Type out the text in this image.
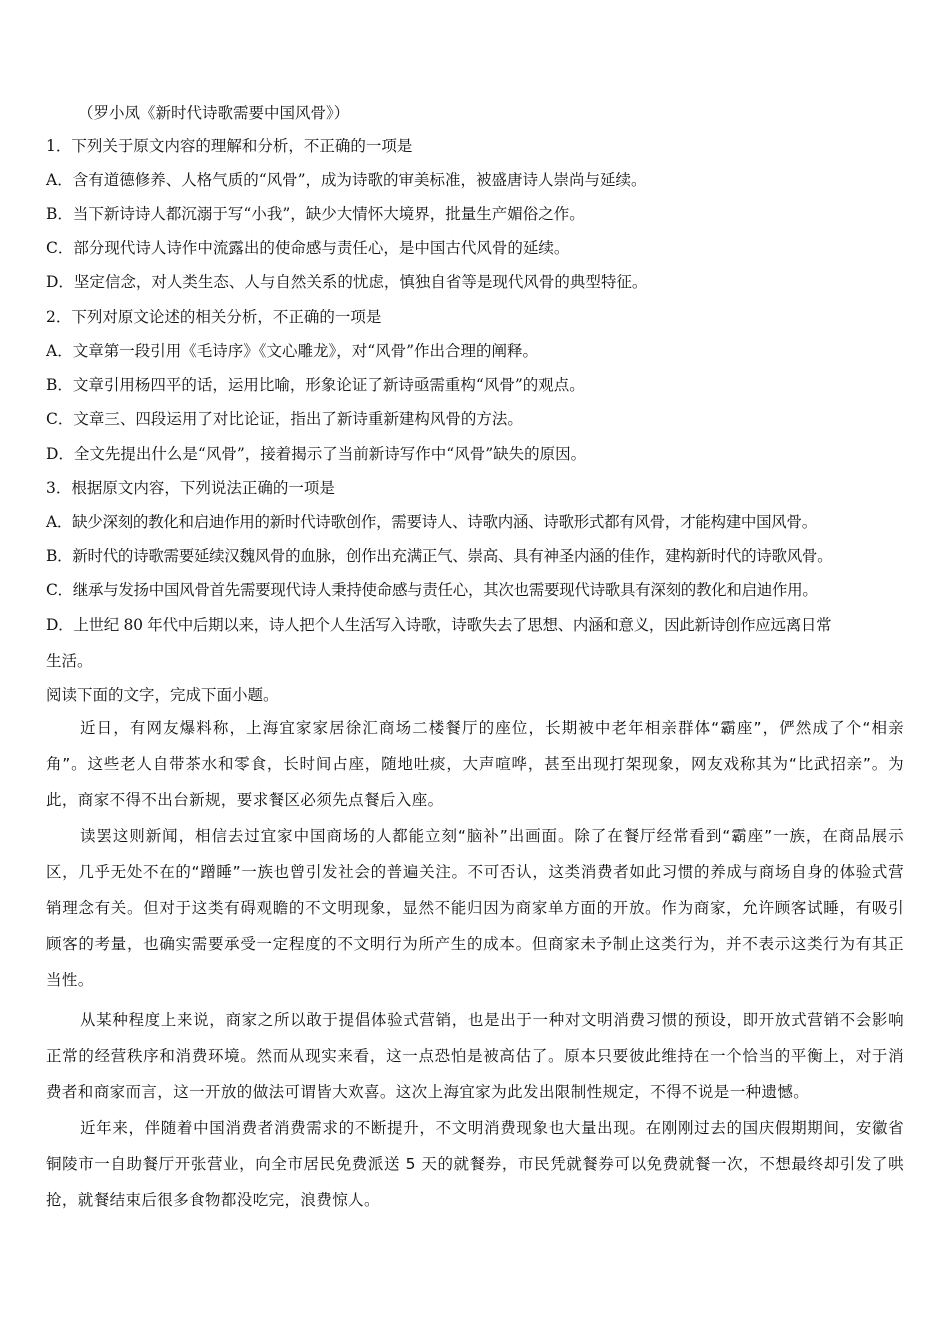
（罗小凤《新时代诗歌需要中国风骨》）
1．下列关于原文内容的理解和分析，不正确的一项是
A．含有道德修养、人格气质的“风骨”，成为诗歌的审美标准，被盛唐诗人崇尚与延续。
B．当下新诗诗人都沉溺于写“小我”，缺少大情怀大境界，批量生产媚俗之作。
C．部分现代诗人诗作中流露出的使命感与责任心，是中国古代风骨的延续。
D．坚定信念，对人类生态、人与自然关系的忧虑，慎独自省等是现代风骨的典型特征。
2．下列对原文论述的相关分析，不正确的一项是
A．文章第一段引用《毛诗序》《文心雕龙》，对“风骨”作出合理的阐释。
B．文章引用杨四平的话，运用比喻，形象论证了新诗亟需重构“风骨”的观点。
C．文章三、四段运用了对比论证，指出了新诗重新建构风骨的方法。
D．全文先提出什么是“风骨”，接着揭示了当前新诗写作中“风骨”缺失的原因。
3．根据原文内容，下列说法正确的一项是
A．缺少深刻的教化和启迪作用的新时代诗歌创作，需要诗人、诗歌内涵、诗歌形式都有风骨，才能构建中国风骨。
B．新时代的诗歌需要延续汉魏风骨的血脉，创作出充满正气、崇高、具有神圣内涵的佳作，建构新时代的诗歌风骨。
C．继承与发扬中国风骨首先需要现代诗人秉持使命感与责任心，其次也需要现代诗歌具有深刻的教化和启迪作用。
D．上世纪 80 年代中后期以来，诗人把个人生活写入诗歌，诗歌失去了思想、内涵和意义，因此新诗创作应远离日常
生活。
阅读下面的文字，完成下面小题。
近日，有网友爆料称，上海宜家家居徐汇商场二楼餐厅的座位，长期被中老年相亲群体“霸座”，俨然成了个“相亲角”。这些老人自带茶水和零食，长时间占座，随地吐痰，大声喧哗，甚至出现打架现象，网友戏称其为“比武招亲”。为此，商家不得不出台新规，要求餐区必须先点餐后入座。
读罢这则新闻，相信去过宜家中国商场的人都能立刻“脑补”出画面。除了在餐厅经常看到“霸座”一族，在商品展示区，几乎无处不在的“蹭睡”一族也曾引发社会的普遍关注。不可否认，这类消费者如此习惯的养成与商场自身的体验式营销理念有关。但对于这类有碍观瞻的不文明现象，显然不能归因为商家单方面的开放。作为商家，允许顾客试睡，有吸引顾客的考量，也确实需要承受一定程度的不文明行为所产生的成本。但商家未予制止这类行为，并不表示这类行为有其正当性。
从某种程度上来说，商家之所以敢于提倡体验式营销，也是出于一种对文明消费习惯的预设，即开放式营销不会影响正常的经营秩序和消费环境。然而从现实来看，这一点恐怕是被高估了。原本只要彼此维持在一个恰当的平衡上，对于消费者和商家而言，这一开放的做法可谓皆大欢喜。这次上海宜家为此发出限制性规定，不得不说是一种遗憾。
近年来，伴随着中国消费者消费需求的不断提升，不文明消费现象也大量出现。在刚刚过去的国庆假期期间，安徽省铜陵市一自助餐厅开张营业，向全市居民免费派送 5 天的就餐券，市民凭就餐券可以免费就餐一次，不想最终却引发了哄抢，就餐结束后很多食物都没吃完，浪费惊人。
